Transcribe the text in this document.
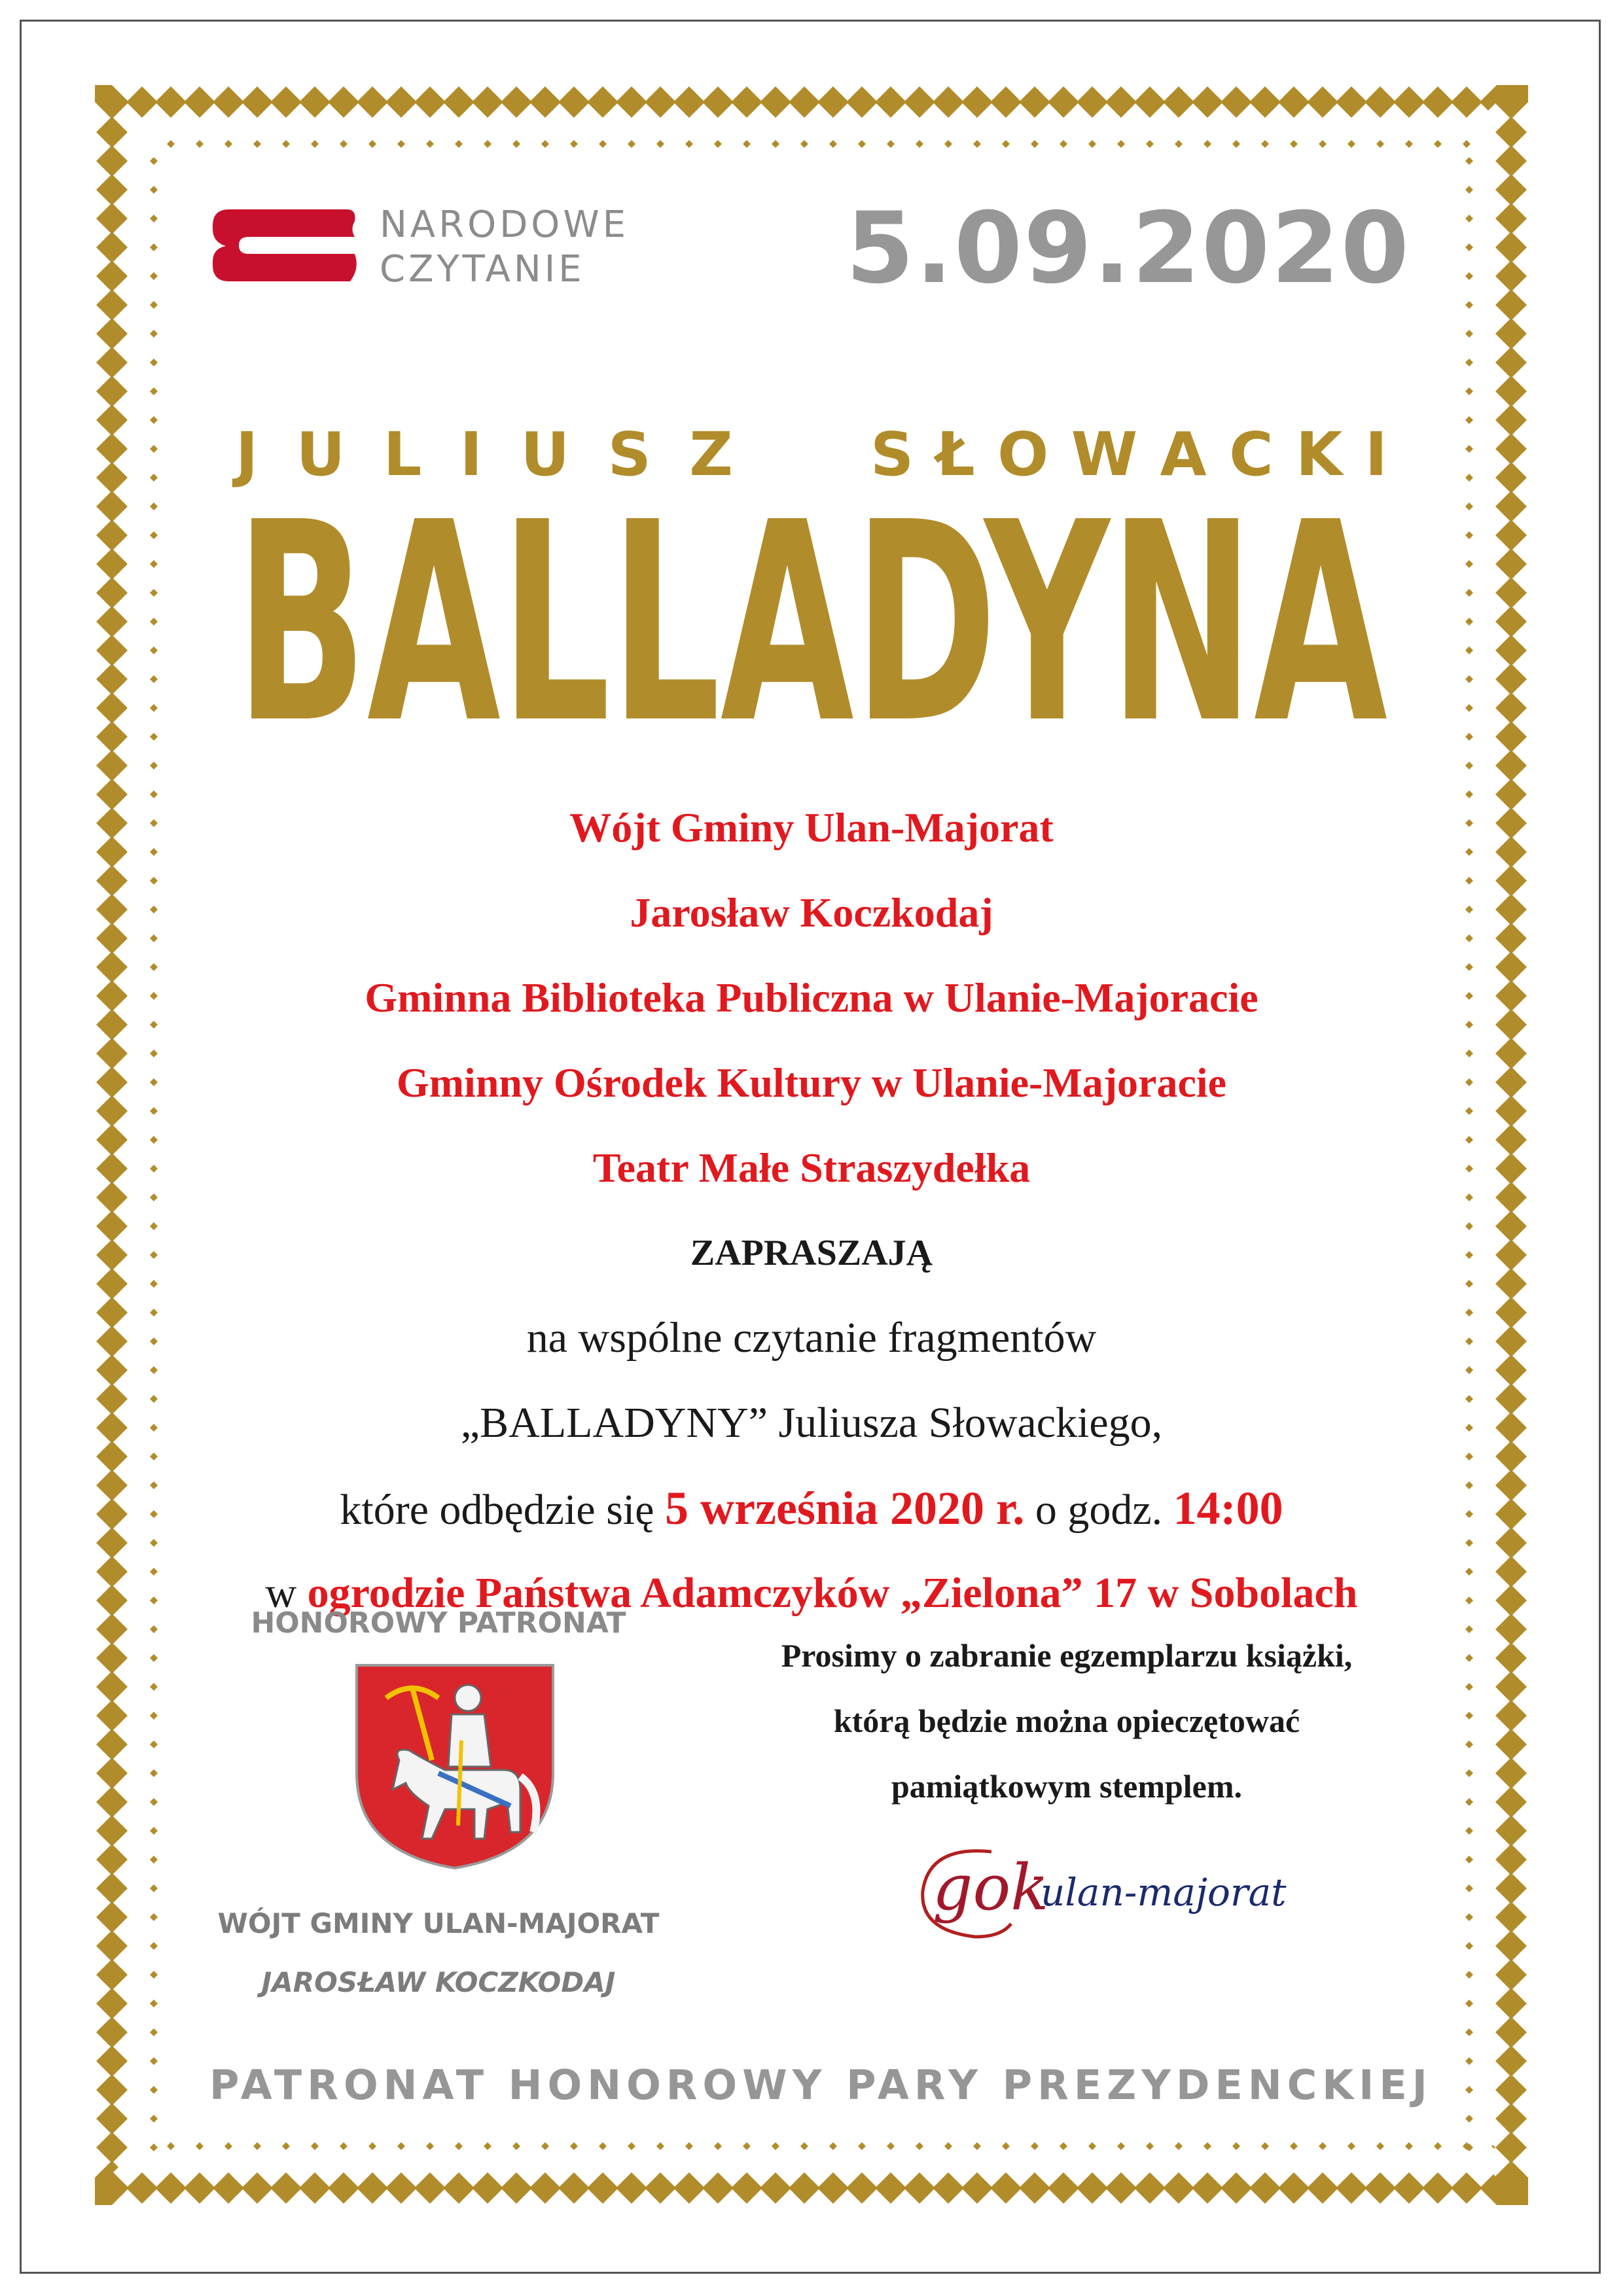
NARODOWE
CZYTANIE	5.09.2020
J U L I U S Z S Ł O W A C K I
BALLADYNA
Wójt Gminy Ulan-Majorat
Jarosław Koczkodaj
Gminna Biblioteka Publiczna w Ulanie-Majoracie
Gminny Ośrodek Kultury w Ulanie-Majoracie
Teatr Małe Straszydełka
ZAPRASZAJĄ
na wspólne czytanie fragmentów
„BALLADYNY” Juliusza Słowackiego,
które odbędzie się 5 września 2020 r. o godz. 14:00
w ogrodzie Państwa Adamczyków „Zielona” 17 w Sobolach
HONOROWY PATRONAT
WÓJT GMINY ULAN-MAJORAT
JAROSŁAW KOCZKODAJ
Prosimy o zabranie egzemplarzu książki,
którą będzie można opieczętować
pamiątkowym stemplem.
gok
ulan-majorat
PATRONAT HONOROWY PARY PREZYDENCKIEJ
